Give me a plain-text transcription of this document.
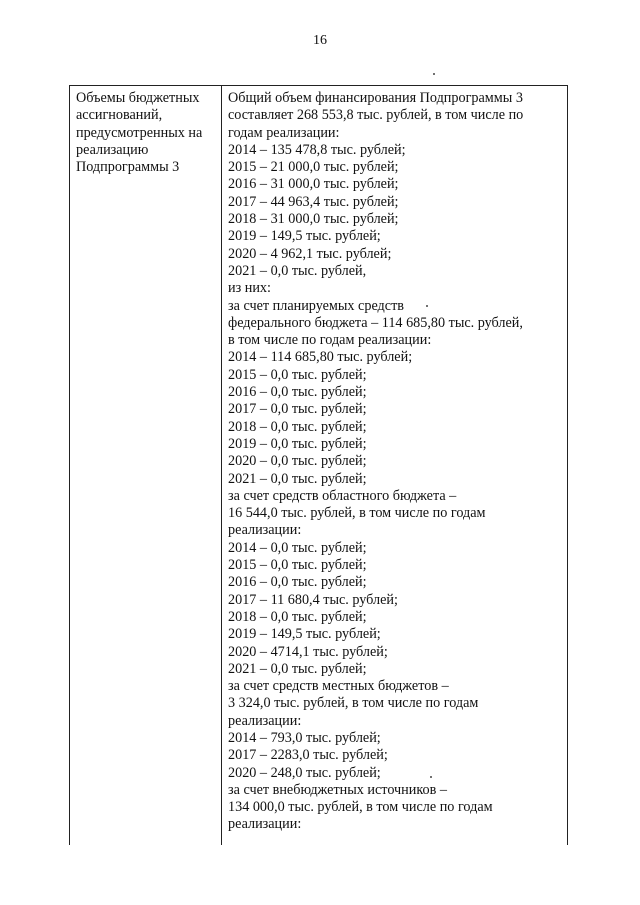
16
Объемы бюджетных
ассигнований,
предусмотренных на
реализацию
Подпрограммы 3
Общий объем финансирования Подпрограммы 3
составляет 268 553,8 тыс. рублей, в том числе по
годам реализации:
2014 – 135 478,8 тыс. рублей;
2015 – 21 000,0 тыс. рублей;
2016 – 31 000,0 тыс. рублей;
2017 – 44 963,4 тыс. рублей;
2018 – 31 000,0 тыс. рублей;
2019 – 149,5 тыс. рублей;
2020 – 4 962,1 тыс. рублей;
2021 – 0,0 тыс. рублей,
из них:
за счет планируемых средств
федерального бюджета – 114 685,80 тыс. рублей,
в том числе по годам реализации:
2014 – 114 685,80 тыс. рублей;
2015 – 0,0 тыс. рублей;
2016 – 0,0 тыс. рублей;
2017 – 0,0 тыс. рублей;
2018 – 0,0 тыс. рублей;
2019 – 0,0 тыс. рублей;
2020 – 0,0 тыс. рублей;
2021 – 0,0 тыс. рублей;
за счет средств областного бюджета –
16 544,0 тыс. рублей, в том числе по годам
реализации:
2014 – 0,0 тыс. рублей;
2015 – 0,0 тыс. рублей;
2016 – 0,0 тыс. рублей;
2017 – 11 680,4 тыс. рублей;
2018 – 0,0 тыс. рублей;
2019 – 149,5 тыс. рублей;
2020 – 4714,1 тыс. рублей;
2021 – 0,0 тыс. рублей;
за счет средств местных бюджетов –
3 324,0 тыс. рублей, в том числе по годам
реализации:
2014 – 793,0 тыс. рублей;
2017 – 2283,0 тыс. рублей;
2020 – 248,0 тыс. рублей;
за счет внебюджетных источников –
134 000,0 тыс. рублей, в том числе по годам
реализации:
